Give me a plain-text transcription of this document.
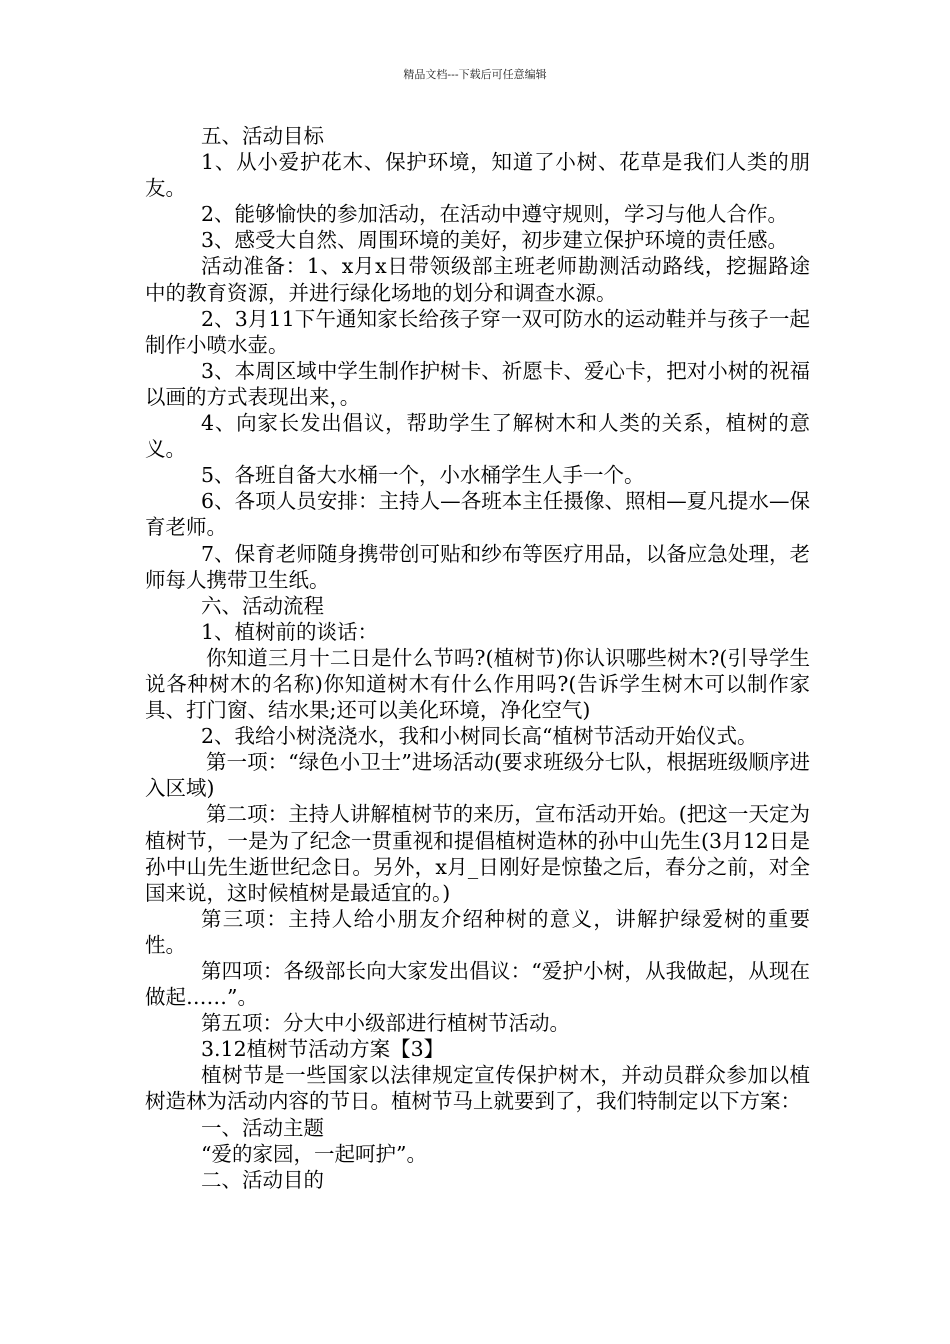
精品文档---下载后可任意编辑

五、活动目标

1、从小爱护花木、保护环境，知道了小树、花草是我们人类的朋友。

2、能够愉快的参加活动，在活动中遵守规则，学习与他人合作。

3、感受大自然、周围环境的美好，初步建立保护环境的责任感。

活动准备：1、x月x日带领级部主班老师勘测活动路线，挖掘路途中的教育资源，并进行绿化场地的划分和调查水源。

2、3月11下午通知家长给孩子穿一双可防水的运动鞋并与孩子一起制作小喷水壶。

3、本周区域中学生制作护树卡、祈愿卡、爱心卡，把对小树的祝福以画的方式表现出来，。

4、向家长发出倡议，帮助学生了解树木和人类的关系，植树的意义。

5、各班自备大水桶一个，小水桶学生人手一个。

6、各项人员安排：主持人—各班本主任摄像、照相—夏凡提水—保育老师。

7、保育老师随身携带创可贴和纱布等医疗用品，以备应急处理，老师每人携带卫生纸。

六、活动流程

1、植树前的谈话：

你知道三月十二日是什么节吗?(植树节)你认识哪些树木?(引导学生说各种树木的名称)你知道树木有什么作用吗?(告诉学生树木可以制作家具、打门窗、结水果;还可以美化环境，净化空气)

2、我给小树浇浇水，我和小树同长高“植树节活动开始仪式。

第一项：“绿色小卫士”进场活动(要求班级分七队，根据班级顺序进入区域)

第二项：主持人讲解植树节的来历，宣布活动开始。(把这一天定为植树节，一是为了纪念一贯重视和提倡植树造林的孙中山先生(3月12日是孙中山先生逝世纪念日。另外，x月_日刚好是惊蛰之后，春分之前，对全国来说，这时候植树是最适宜的。)

第三项：主持人给小朋友介绍种树的意义，讲解护绿爱树的重要性。

第四项：各级部长向大家发出倡议：“爱护小树，从我做起，从现在做起……”。

第五项：分大中小级部进行植树节活动。

3.12植树节活动方案【3】

植树节是一些国家以法律规定宣传保护树木，并动员群众参加以植树造林为活动内容的节日。植树节马上就要到了，我们特制定以下方案：

一、活动主题

“爱的家园，一起呵护”。

二、活动目的
